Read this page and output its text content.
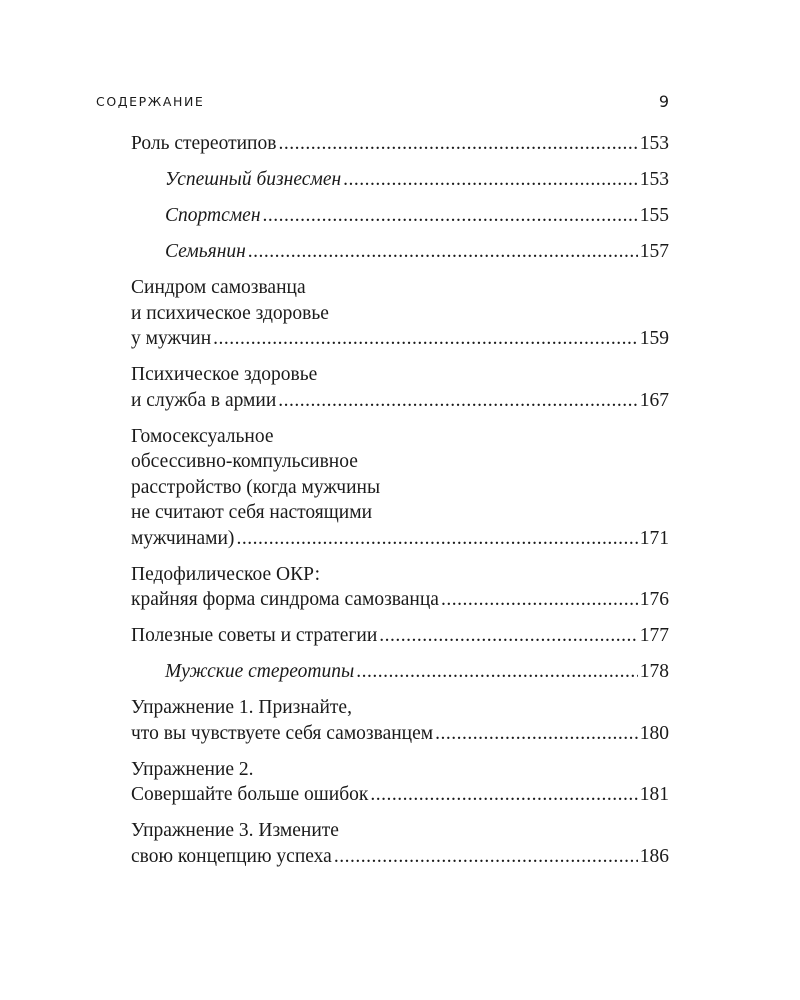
СОДЕРЖАНИЕ	9
Роль стереотипов .....	153
Успешный бизнесмен .....	153
Спортсмен .....	155
Семьянин .....	157
Синдром самозванца
и психическое здоровье
у мужчин .....	159
Психическое здоровье
и служба в армии .....	167
Гомосексуальное
обсессивно-компульсивное
расстройство (когда мужчины
не считают себя настоящими
мужчинами) .....	171
Педофилическое ОКР:
крайняя форма синдрома самозванца .....	176
Полезные советы и стратегии .....	177
Мужские стереотипы .....	178
Упражнение 1. Признайте,
что вы чувствуете себя самозванцем .....	180
Упражнение 2.
Совершайте больше ошибок .....	181
Упражнение 3. Измените
свою концепцию успеха .....	186
